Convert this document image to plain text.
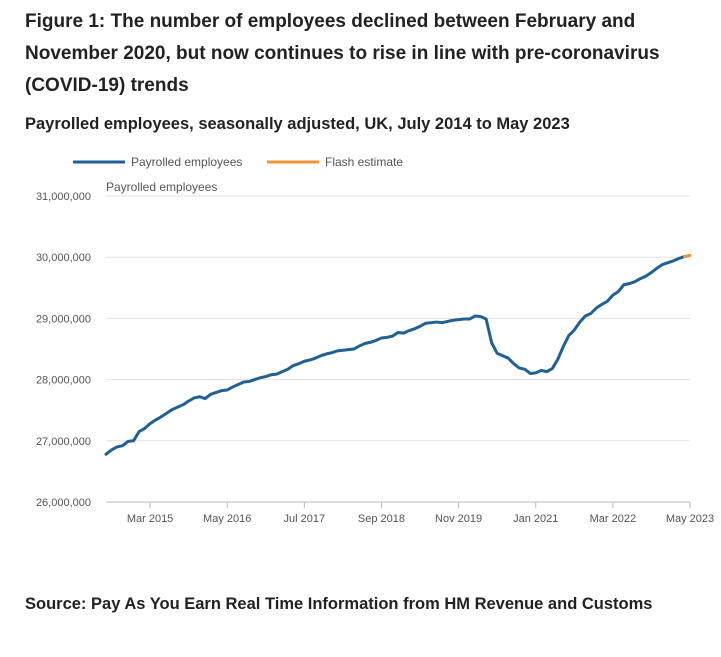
Figure 1: The number of employees declined between February and November 2020, but now continues to rise in line with pre-coronavirus (COVID-19) trends
Payrolled employees, seasonally adjusted, UK, July 2014 to May 2023
Payrolled employees	Flash estimate
Payrolled employees
26,000,000
27,000,000
28,000,000
29,000,000
30,000,000
31,000,000
Mar 2015	May 2016	Jul 2017	Sep 2018	Nov 2019	Jan 2021	Mar 2022	May 2023

Source: Pay As You Earn Real Time Information from HM Revenue and Customs
